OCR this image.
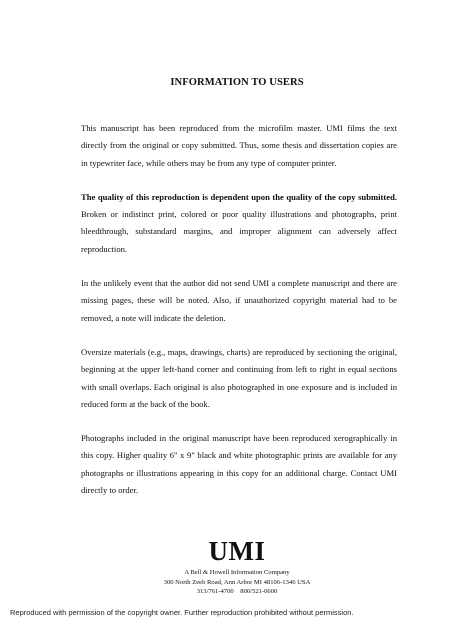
INFORMATION TO USERS

This manuscript has been reproduced from the microfilm master. UMI films the text directly from the original or copy submitted. Thus, some thesis and dissertation copies are in typewriter face, while others may be from any type of computer printer.

The quality of this reproduction is dependent upon the quality of the copy submitted. Broken or indistinct print, colored or poor quality illustrations and photographs, print bleedthrough, substandard margins, and improper alignment can adversely affect reproduction.

In the unlikely event that the author did not send UMI a complete manuscript and there are missing pages, these will be noted. Also, if unauthorized copyright material had to be removed, a note will indicate the deletion.

Oversize materials (e.g., maps, drawings, charts) are reproduced by sectioning the original, beginning at the upper left-hand corner and continuing from left to right in equal sections with small overlaps. Each original is also photographed in one exposure and is included in reduced form at the back of the book.

Photographs included in the original manuscript have been reproduced xerographically in this copy. Higher quality 6" x 9" black and white photographic prints are available for any photographs or illustrations appearing in this copy for an additional charge. Contact UMI directly to order.

UMI
A Bell & Howell Information Company
300 North Zeeb Road, Ann Arbor MI 48106-1346 USA
313/761-4700    800/521-0600
Reproduced with permission of the copyright owner. Further reproduction prohibited without permission.
